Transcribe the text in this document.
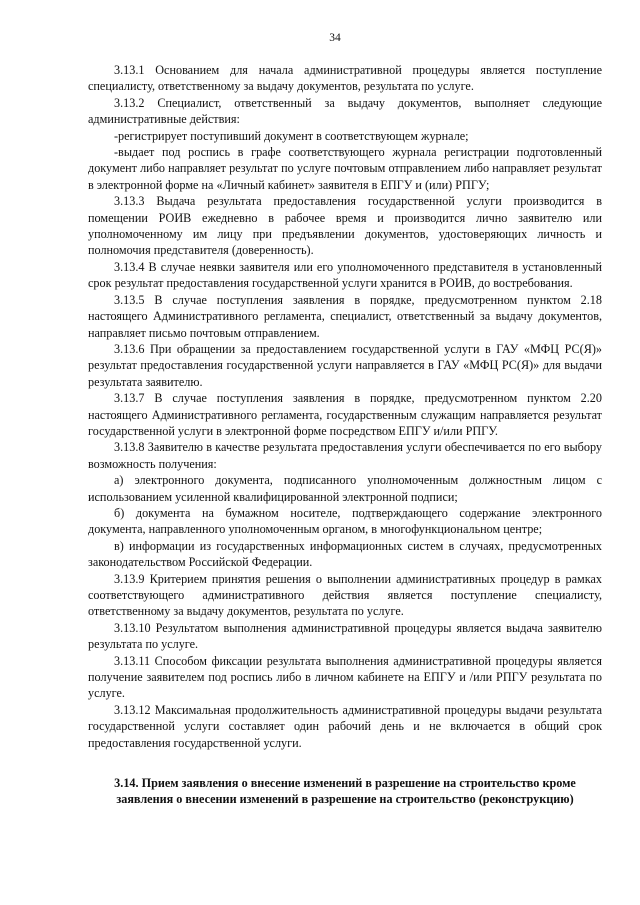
34

3.13.1 Основанием для начала административной процедуры является поступление специалисту, ответственному за выдачу документов, результата по услуге.

3.13.2 Специалист, ответственный за выдачу документов, выполняет следующие административные действия:

-регистрирует поступивший документ в соответствующем журнале;

-выдает под роспись в графе соответствующего журнала регистрации подготовленный документ либо направляет результат по услуге почтовым отправлением либо направляет результат в электронной форме на «Личный кабинет» заявителя в ЕПГУ и (или) РПГУ;

3.13.3 Выдача результата предоставления государственной услуги производится в помещении РОИВ ежедневно в рабочее время и производится лично заявителю или уполномоченному им лицу при предъявлении документов, удостоверяющих личность и полномочия представителя (доверенность).

3.13.4 В случае неявки заявителя или его уполномоченного представителя в установленный срок результат предоставления государственной услуги хранится в РОИВ, до востребования.

3.13.5 В случае поступления заявления в порядке, предусмотренном пунктом 2.18 настоящего Административного регламента, специалист, ответственный за выдачу документов, направляет письмо почтовым отправлением.

3.13.6 При обращении за предоставлением государственной услуги в ГАУ «МФЦ РС(Я)» результат предоставления государственной услуги направляется в ГАУ «МФЦ РС(Я)» для выдачи результата заявителю.

3.13.7 В случае поступления заявления в порядке, предусмотренном пунктом 2.20 настоящего Административного регламента, государственным служащим направляется результат государственной услуги в электронной форме посредством ЕПГУ и/или РПГУ.

3.13.8 Заявителю в качестве результата предоставления услуги обеспечивается по его выбору возможность получения:

а) электронного документа, подписанного уполномоченным должностным лицом с использованием усиленной квалифицированной электронной подписи;

б) документа на бумажном носителе, подтверждающего содержание электронного документа, направленного уполномоченным органом, в многофункциональном центре;

в) информации из государственных информационных систем в случаях, предусмотренных законодательством Российской Федерации.

3.13.9 Критерием принятия решения о выполнении административных процедур в рамках соответствующего административного действия является поступление специалисту, ответственному за выдачу документов, результата по услуге.

3.13.10 Результатом выполнения административной процедуры является выдача заявителю результата по услуге.

3.13.11 Способом фиксации результата выполнения административной процедуры является получение заявителем под роспись либо в личном кабинете на ЕПГУ и /или РПГУ результата по услуге.

3.13.12 Максимальная продолжительность административной процедуры выдачи результата государственной услуги составляет один рабочий день и не включается в общий срок предоставления государственной услуги.

3.14. Прием заявления о внесение изменений в разрешение на строительство кроме заявления о внесении изменений в разрешение на строительство (реконструкцию)
